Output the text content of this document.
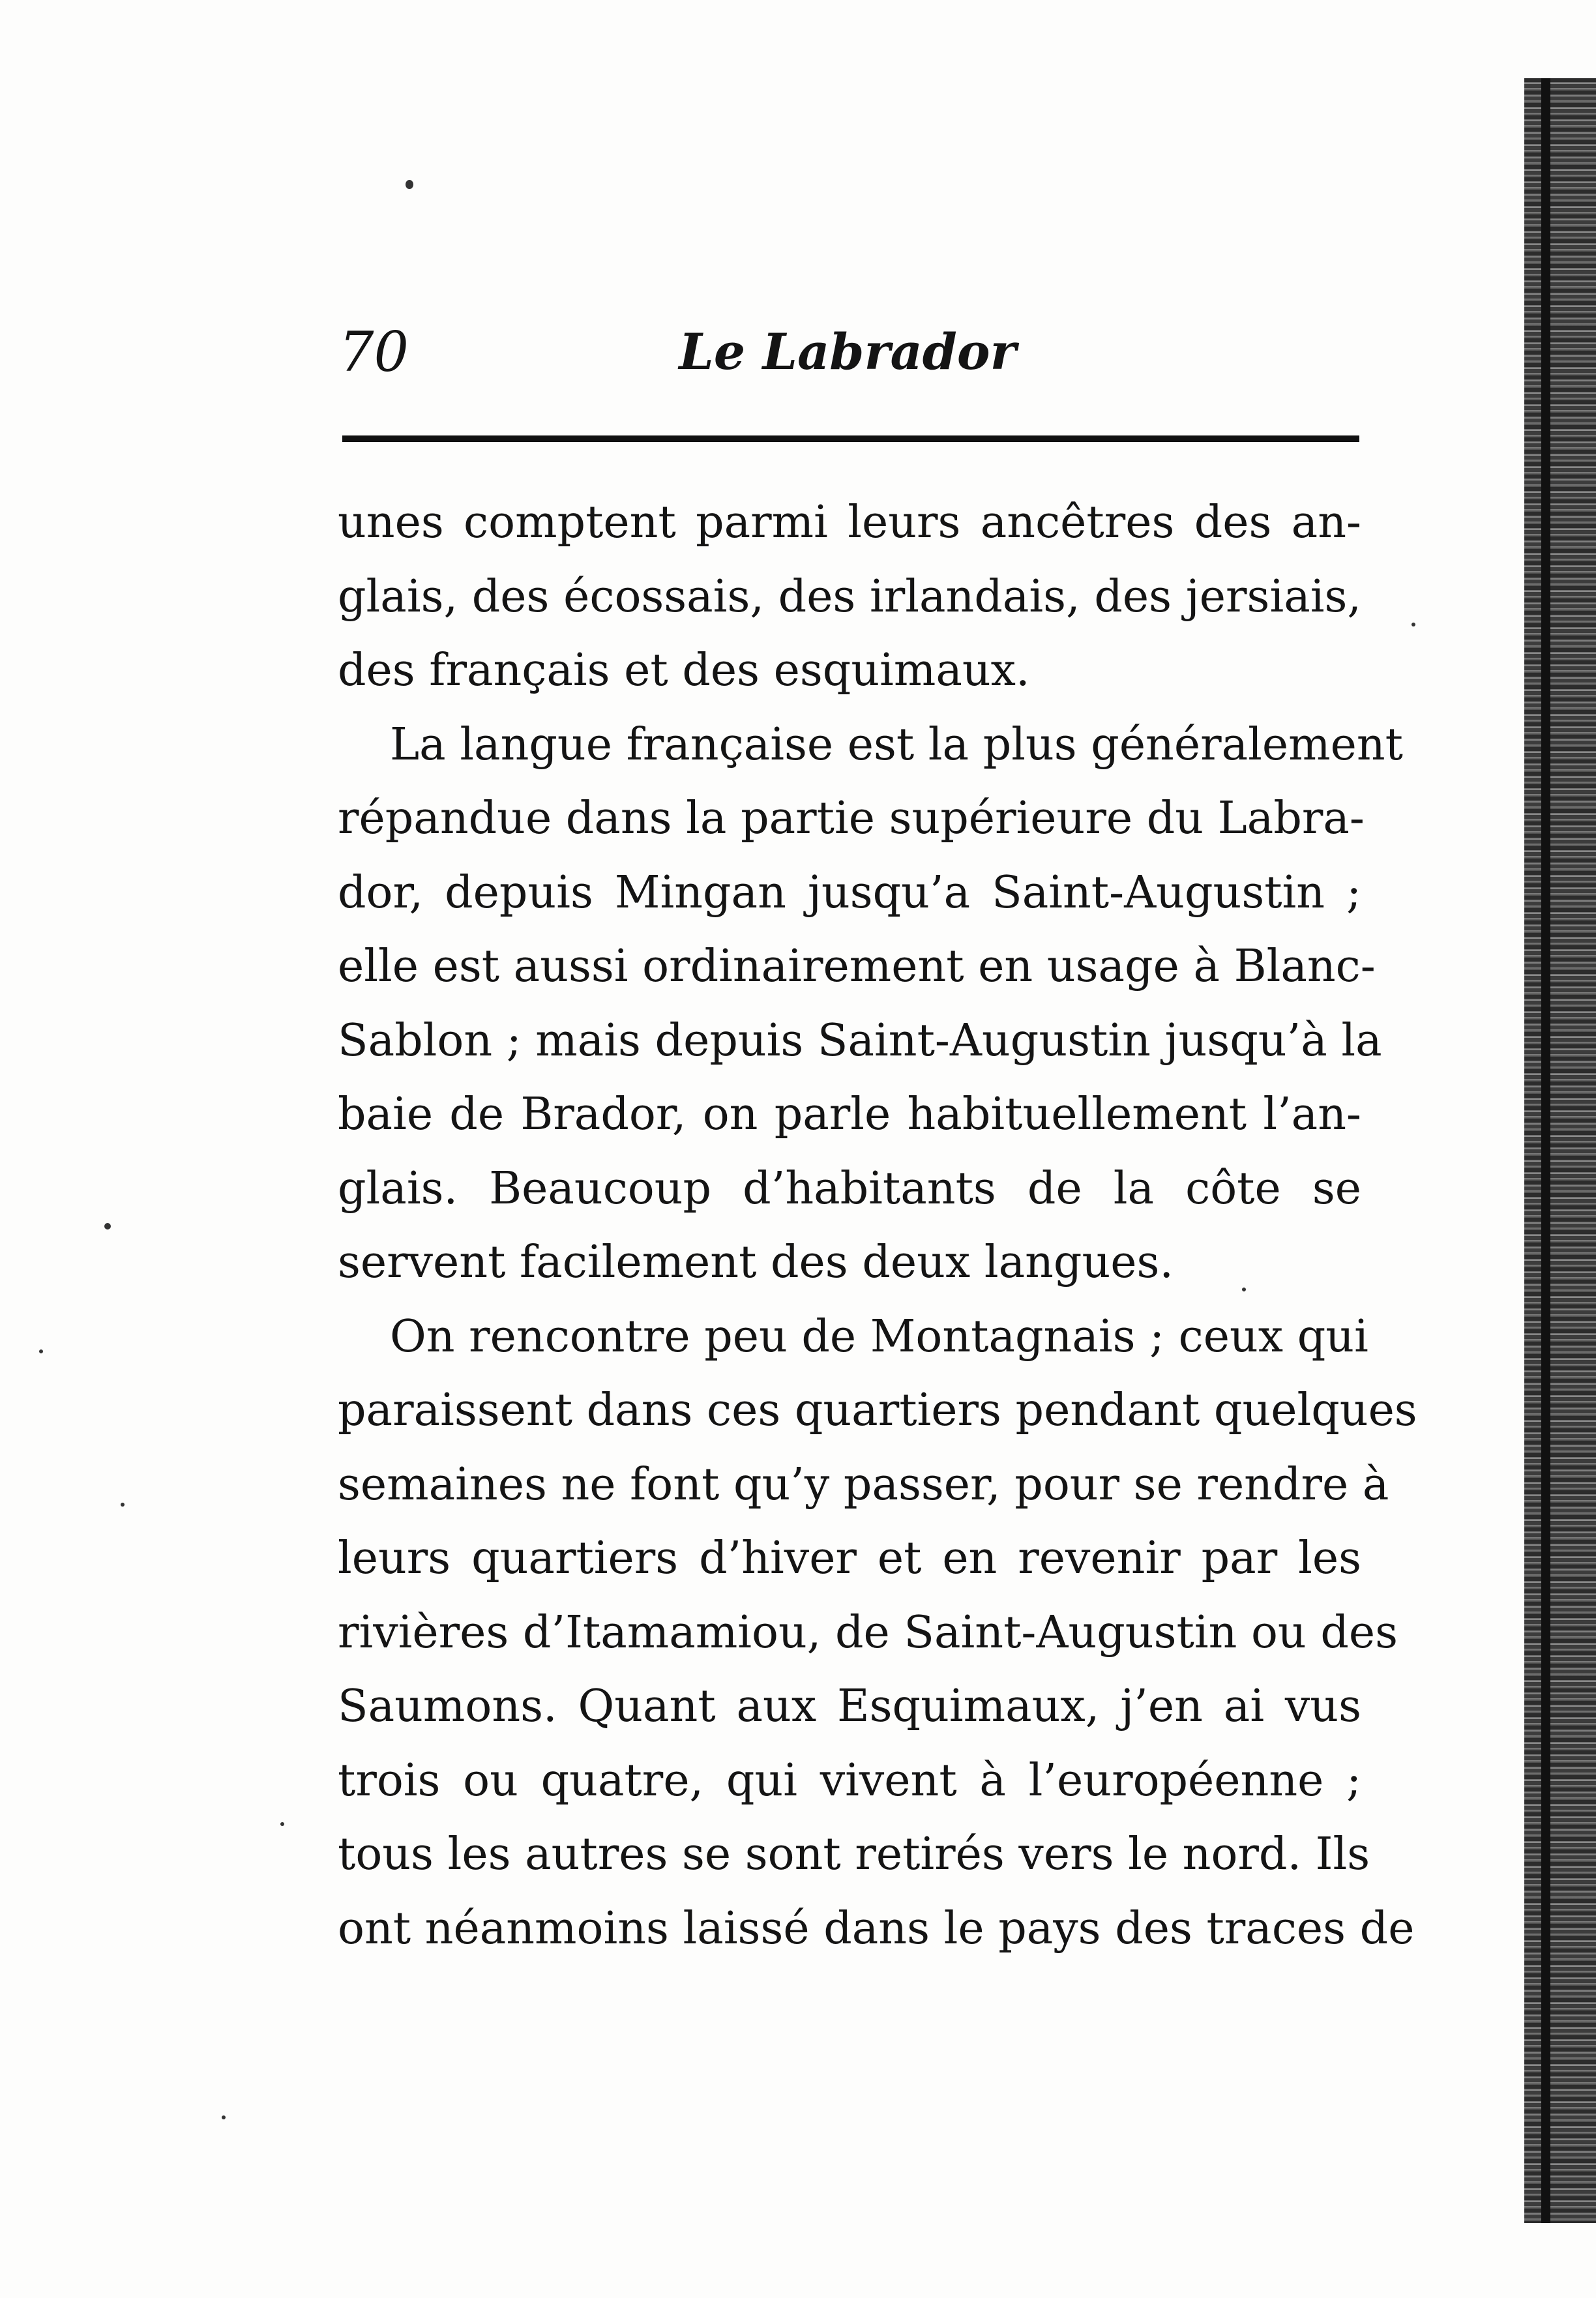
70	Le Labrador
unes comptent parmi leurs ancêtres des an-
glais, des écossais, des irlandais, des jersiais,
des français et des esquimaux.
La langue française est la plus généralement
répandue dans la partie supérieure du Labra-
dor, depuis Mingan jusqu’a Saint-Augustin ;
elle est aussi ordinairement en usage à Blanc-
Sablon ; mais depuis Saint-Augustin jusqu’à la
baie de Brador, on parle habituellement l’an-
glais. Beaucoup d’habitants de la côte se
servent facilement des deux langues.
On rencontre peu de Montagnais ; ceux qui
paraissent dans ces quartiers pendant quelques
semaines ne font qu’y passer, pour se rendre à
leurs quartiers d’hiver et en revenir par les
rivières d’Itamamiou, de Saint-Augustin ou des
Saumons. Quant aux Esquimaux, j’en ai vus
trois ou quatre, qui vivent à l’européenne ;
tous les autres se sont retirés vers le nord. Ils
ont néanmoins laissé dans le pays des traces de
